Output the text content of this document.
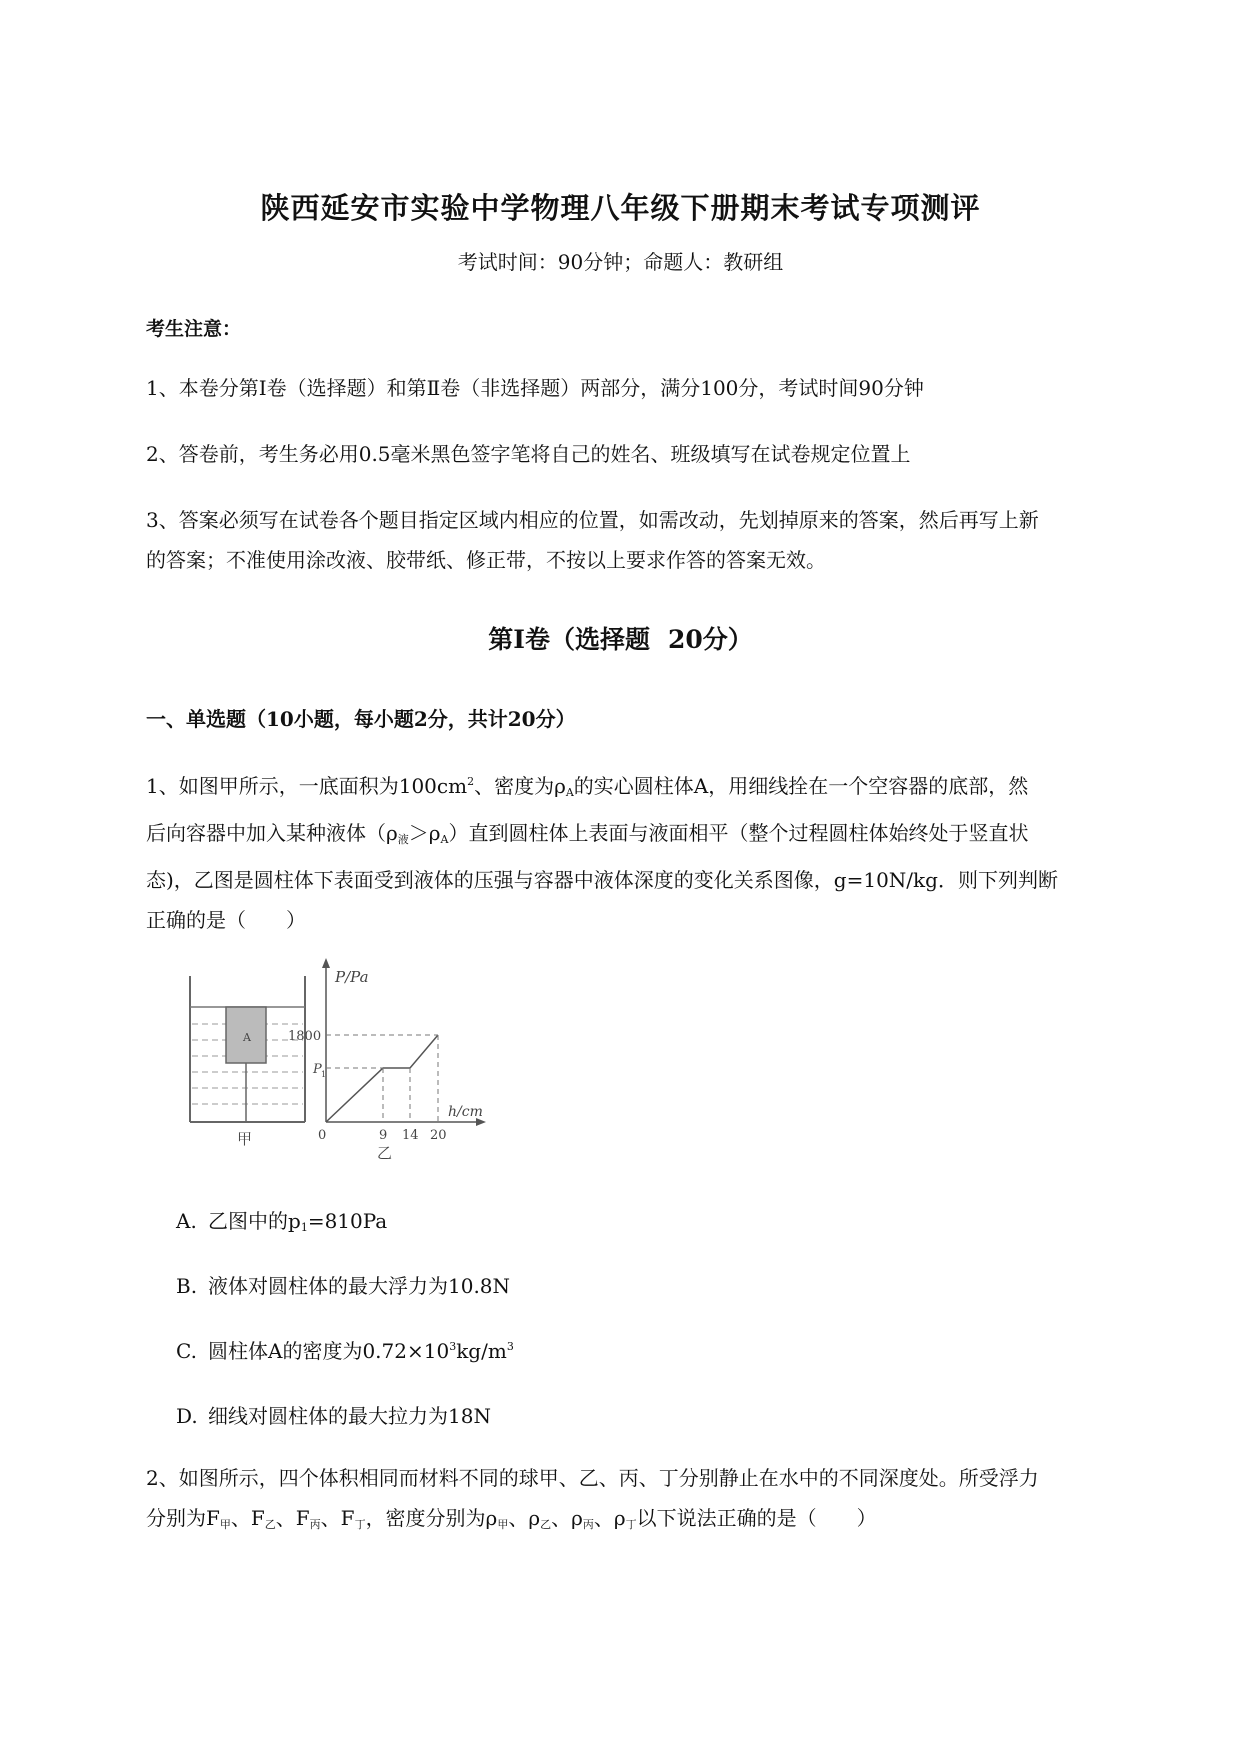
陕西延安市实验中学物理八年级下册期末考试专项测评
考试时间：90分钟；命题人：教研组
考生注意：
1、本卷分第I卷（选择题）和第Ⅱ卷（非选择题）两部分，满分100分，考试时间90分钟
2、答卷前，考生务必用0.5毫米黑色签字笔将自己的姓名、班级填写在试卷规定位置上
3、答案必须写在试卷各个题目指定区域内相应的位置，如需改动，先划掉原来的答案，然后再写上新
的答案；不准使用涂改液、胶带纸、修正带，不按以上要求作答的答案无效。
第I卷（选择题 20分）
一、单选题（10小题，每小题2分，共计20分）
1、如图甲所示，一底面积为$100cm^2$、密度为$\rho_A$的实心圆柱体A，用细线拴在一个空容器的底部，然
后向容器中加入某种液体$(\rho_液>\rho_A)$直到圆柱体上表面与液面相平（整个过程圆柱体始终处于竖直状
态)，乙图是圆柱体下表面受到液体的压强与容器中液体深度的变化关系图像，g=10N/kg．则下列判断
正确的是（　　）
A
甲
P/Pa
h/cm
1800
P 1
0	9 14 20
乙
A. 乙图中的$p_1=810Pa$
B. 液体对圆柱体的最大浮力为10.8N
C. 圆柱体A的密度为$0.72\times 10^3kg/m^3$
D. 细线对圆柱体的最大拉力为18N
2、如图所示，四个体积相同而材料不同的球甲、乙、丙、丁分别静止在水中的不同深度处。所受浮力
分别为$F_甲$、$F_乙$、$F_丙$、$F_丁$，密度分别为$\rho_甲$、$\rho_乙$、$\rho_丙$、$\rho_丁$以下说法正确的是（　　）
